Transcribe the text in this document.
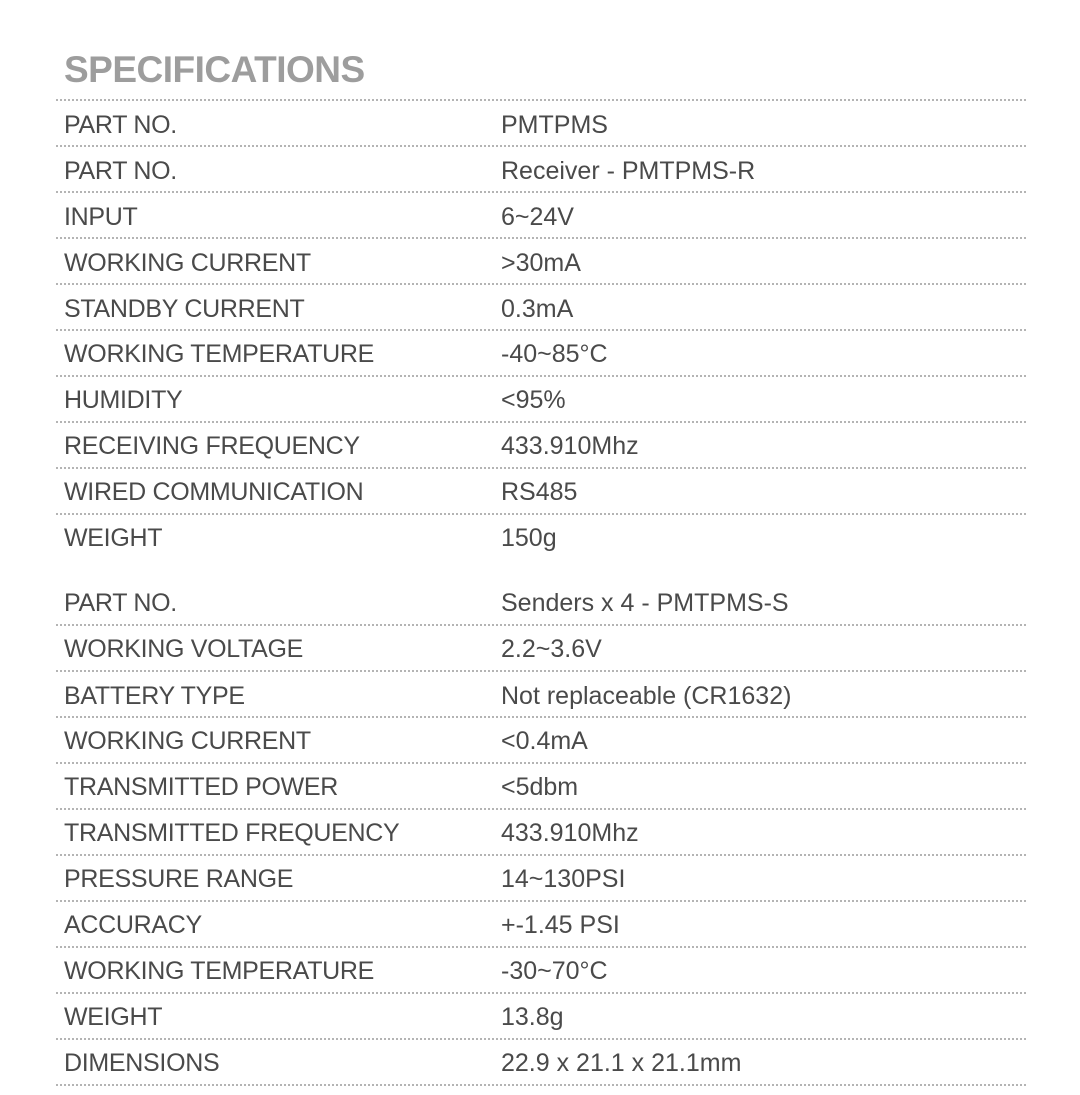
SPECIFICATIONS
PART NO.	PMTPMS
PART NO.	Receiver - PMTPMS-R
INPUT	6~24V
WORKING CURRENT	>30mA
STANDBY CURRENT	0.3mA
WORKING TEMPERATURE	-40~85°C
HUMIDITY	<95%
RECEIVING FREQUENCY	433.910Mhz
WIRED COMMUNICATION	RS485
WEIGHT	150g
PART NO.	Senders x 4 - PMTPMS-S
WORKING VOLTAGE	2.2~3.6V
BATTERY TYPE	Not replaceable (CR1632)
WORKING CURRENT	<0.4mA
TRANSMITTED POWER	<5dbm
TRANSMITTED FREQUENCY	433.910Mhz
PRESSURE RANGE	14~130PSI
ACCURACY	+-1.45 PSI
WORKING TEMPERATURE	-30~70°C
WEIGHT	13.8g
DIMENSIONS	22.9 x 21.1 x 21.1mm
